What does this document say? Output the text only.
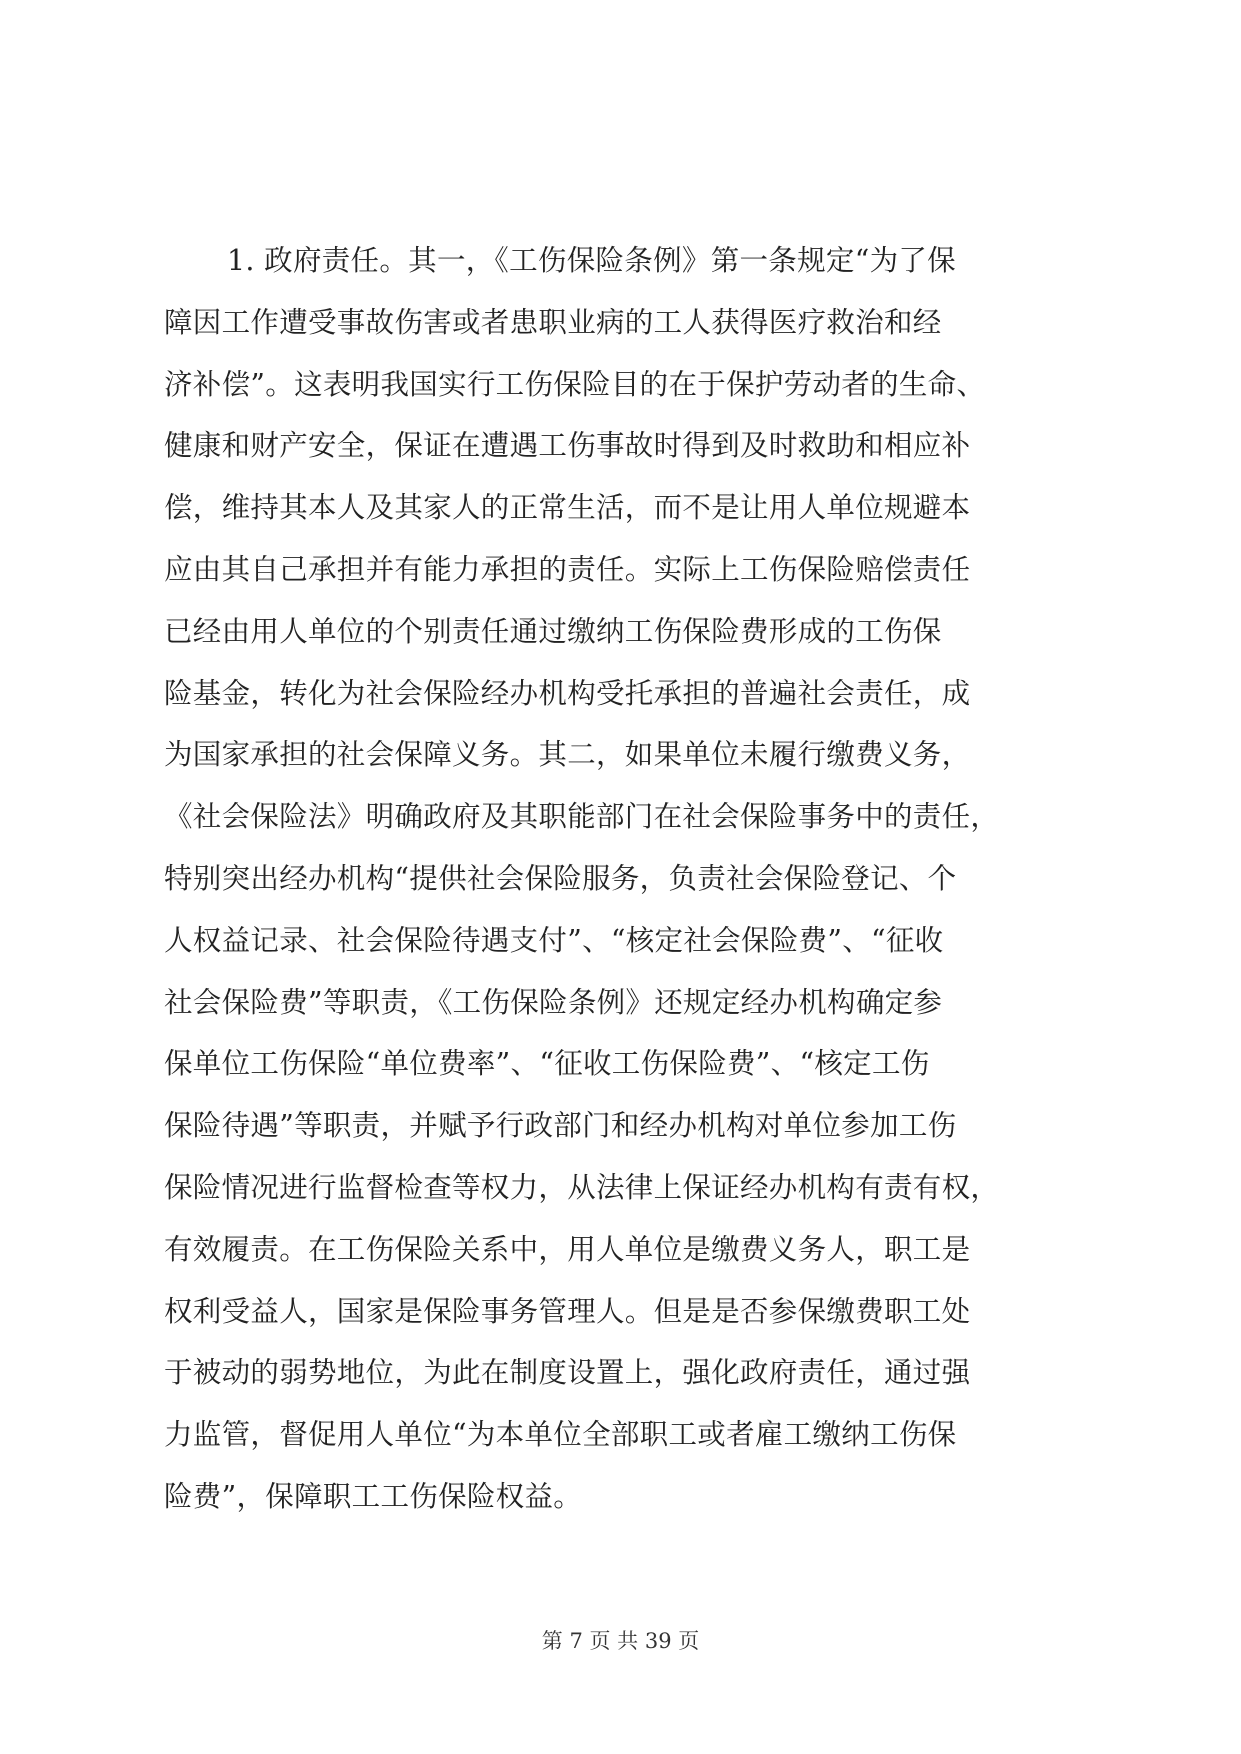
1. 政府责任。其一，《工伤保险条例》第一条规定“为了保
障因工作遭受事故伤害或者患职业病的工人获得医疗救治和经
济补偿”。这表明我国实行工伤保险目的在于保护劳动者的生命、
健康和财产安全，保证在遭遇工伤事故时得到及时救助和相应补
偿，维持其本人及其家人的正常生活，而不是让用人单位规避本
应由其自己承担并有能力承担的责任。实际上工伤保险赔偿责任
已经由用人单位的个别责任通过缴纳工伤保险费形成的工伤保
险基金，转化为社会保险经办机构受托承担的普遍社会责任，成
为国家承担的社会保障义务。其二，如果单位未履行缴费义务，
《社会保险法》明确政府及其职能部门在社会保险事务中的责任，
特别突出经办机构“提供社会保险服务，负责社会保险登记、个
人权益记录、社会保险待遇支付”、“核定社会保险费”、“征收
社会保险费”等职责，《工伤保险条例》还规定经办机构确定参
保单位工伤保险“单位费率”、“征收工伤保险费”、“核定工伤
保险待遇”等职责，并赋予行政部门和经办机构对单位参加工伤
保险情况进行监督检查等权力，从法律上保证经办机构有责有权，
有效履责。在工伤保险关系中，用人单位是缴费义务人，职工是
权利受益人，国家是保险事务管理人。但是是否参保缴费职工处
于被动的弱势地位，为此在制度设置上，强化政府责任，通过强
力监管，督促用人单位“为本单位全部职工或者雇工缴纳工伤保
险费”，保障职工工伤保险权益。
第 7 页 共 39 页
